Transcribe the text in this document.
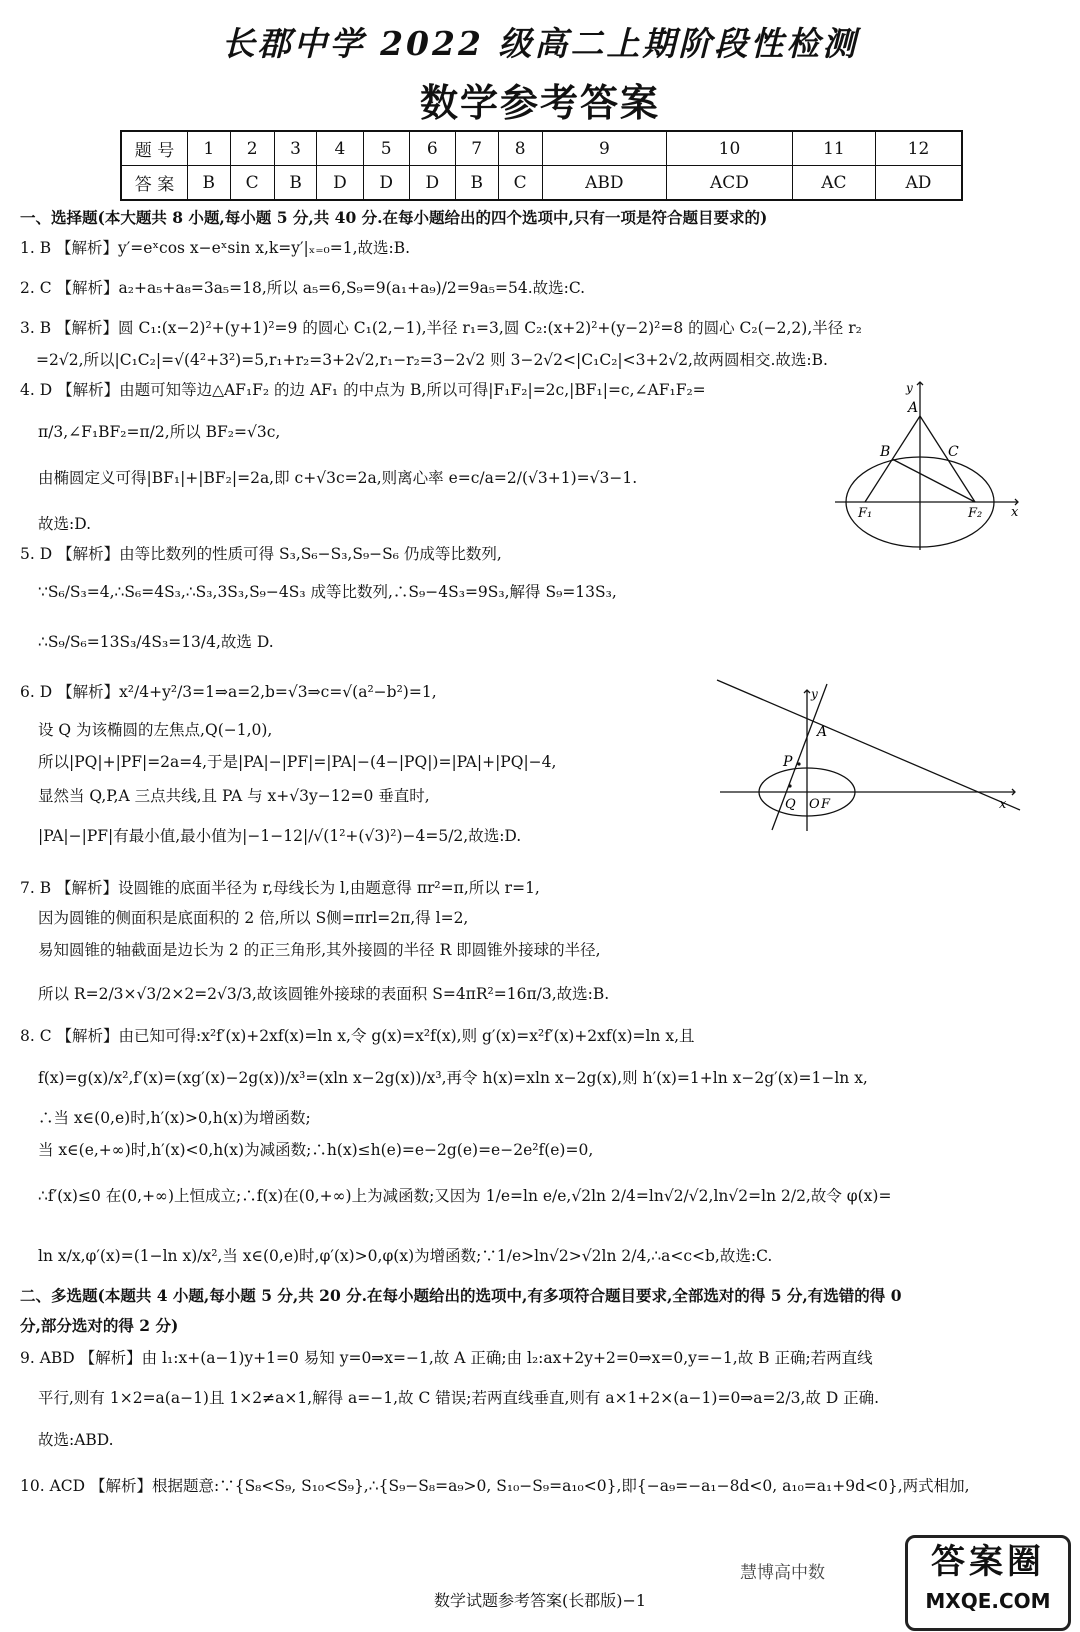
长郡中学 2022 级高二上期阶段性检测
数学参考答案
题 号	1	2	3	4	5	6	7	8	9	10	11	12
答 案	B	C	B	D	D	D	B	C	ABD	ACD	AC	AD
一、选择题(本大题共 8 小题,每小题 5 分,共 40 分.在每小题给出的四个选项中,只有一项是符合题目要求的)
1. B 【解析】y′=eˣcos x−eˣsin x,k=y′|ₓ₌₀=1,故选:B.
2. C 【解析】a₂+a₅+a₈=3a₅=18,所以 a₅=6,S₉=9(a₁+a₉)/2=9a₅=54.故选:C.
3. B 【解析】圆 C₁:(x−2)²+(y+1)²=9 的圆心 C₁(2,−1),半径 r₁=3,圆 C₂:(x+2)²+(y−2)²=8 的圆心 C₂(−2,2),半径 r₂
=2√2,所以|C₁C₂|=√(4²+3²)=5,r₁+r₂=3+2√2,r₁−r₂=3−2√2 则 3−2√2<|C₁C₂|<3+2√2,故两圆相交.故选:B.
4. D 【解析】由题可知等边△AF₁F₂ 的边 AF₁ 的中点为 B,所以可得|F₁F₂|=2c,|BF₁|=c,∠AF₁F₂=
π/3,∠F₁BF₂=π/2,所以 BF₂=√3c,
由椭圆定义可得|BF₁|+|BF₂|=2a,即 c+√3c=2a,则离心率 e=c/a=2/(√3+1)=√3−1.
故选:D.
5. D 【解析】由等比数列的性质可得 S₃,S₆−S₃,S₉−S₆ 仍成等比数列,
∵S₆/S₃=4,∴S₆=4S₃,∴S₃,3S₃,S₉−4S₃ 成等比数列,∴S₉−4S₃=9S₃,解得 S₉=13S₃,
∴S₉/S₆=13S₃/4S₃=13/4,故选 D.
6. D 【解析】x²/4+y²/3=1⇒a=2,b=√3⇒c=√(a²−b²)=1,
设 Q 为该椭圆的左焦点,Q(−1,0),
所以|PQ|+|PF|=2a=4,于是|PA|−|PF|=|PA|−(4−|PQ|)=|PA|+|PQ|−4,
显然当 Q,P,A 三点共线,且 PA 与 x+√3y−12=0 垂直时,
|PA|−|PF|有最小值,最小值为|−1−12|/√(1²+(√3)²)−4=5/2,故选:D.
7. B 【解析】设圆锥的底面半径为 r,母线长为 l,由题意得 πr²=π,所以 r=1,
因为圆锥的侧面积是底面积的 2 倍,所以 S侧=πrl=2π,得 l=2,
易知圆锥的轴截面是边长为 2 的正三角形,其外接圆的半径 R 即圆锥外接球的半径,
所以 R=2/3×√3/2×2=2√3/3,故该圆锥外接球的表面积 S=4πR²=16π/3,故选:B.
8. C 【解析】由已知可得:x²f′(x)+2xf(x)=ln x,令 g(x)=x²f(x),则 g′(x)=x²f′(x)+2xf(x)=ln x,且
f(x)=g(x)/x²,f′(x)=(xg′(x)−2g(x))/x³=(xln x−2g(x))/x³,再令 h(x)=xln x−2g(x),则 h′(x)=1+ln x−2g′(x)=1−ln x,
∴当 x∈(0,e)时,h′(x)>0,h(x)为增函数;
当 x∈(e,+∞)时,h′(x)<0,h(x)为减函数;∴h(x)≤h(e)=e−2g(e)=e−2e²f(e)=0,
∴f′(x)≤0 在(0,+∞)上恒成立;∴f(x)在(0,+∞)上为减函数;又因为 1/e=ln e/e,√2ln 2/4=ln√2/√2,ln√2=ln 2/2,故令 φ(x)=
ln x/x,φ′(x)=(1−ln x)/x²,当 x∈(0,e)时,φ′(x)>0,φ(x)为增函数;∵1/e>ln√2>√2ln 2/4,∴a<c<b,故选:C.
二、多选题(本题共 4 小题,每小题 5 分,共 20 分.在每小题给出的选项中,有多项符合题目要求,全部选对的得 5 分,有选错的得 0
分,部分选对的得 2 分)
9. ABD 【解析】由 l₁:x+(a−1)y+1=0 易知 y=0⇒x=−1,故 A 正确;由 l₂:ax+2y+2=0⇒x=0,y=−1,故 B 正确;若两直线
平行,则有 1×2=a(a−1)且 1×2≠a×1,解得 a=−1,故 C 错误;若两直线垂直,则有 a×1+2×(a−1)=0⇒a=2/3,故 D 正确.
故选:ABD.
10. ACD 【解析】根据题意:∵{S₈<S₉, S₁₀<S₉},∴{S₉−S₈=a₉>0, S₁₀−S₉=a₁₀<0},即{−a₉=−a₁−8d<0, a₁₀=a₁+9d<0},两式相加,
y
x
A
B	C
F₁	F₂
y
x
A
P
Q O F
慧博高中数	答案圈
MXQE.COM
数学试题参考答案(长郡版)−1
